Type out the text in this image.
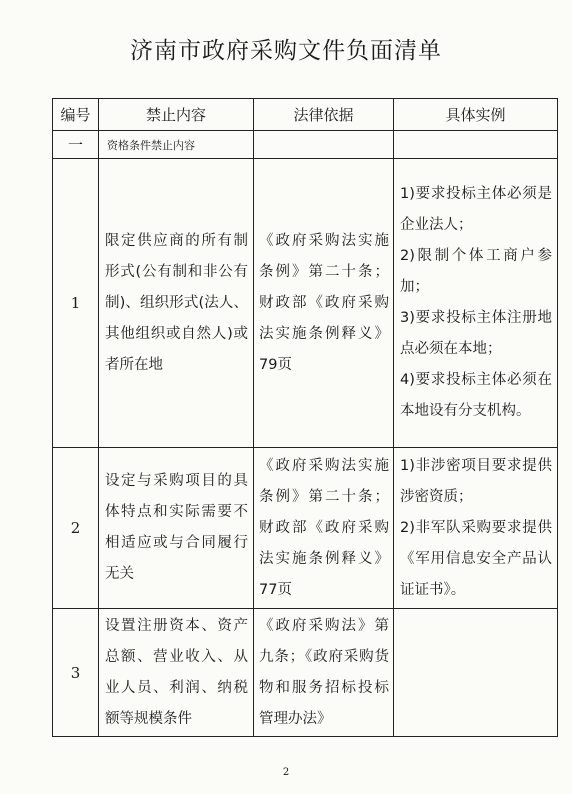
济南市政府采购文件负面清单
编号	禁止内容	法律依据	具体实例
一	资格条件禁止内容		
1	限定供应商的所有制形式(公有制和非公有制)、组织形式(法人、其他组织或自然人)或者所在地	《政府采购法实施条例》第二十条；财政部《政府采购法实施条例释义》79页	1)要求投标主体必须是企业法人；
2)限制个体工商户参加；
3)要求投标主体注册地点必须在本地；
4)要求投标主体必须在本地设有分支机构。

2	设定与采购项目的具体特点和实际需要不相适应或与合同履行无关	《政府采购法实施条例》第二十条；财政部《政府采购法实施条例释义》77页	1)非涉密项目要求提供涉密资质；
2)非军队采购要求提供《军用信息安全产品认证证书》。

3	设置注册资本、资产总额、营业收入、从业人员、利润、纳税额等规模条件	《政府采购法》第九条；《政府采购货物和服务招标投标管理办法》	
2
